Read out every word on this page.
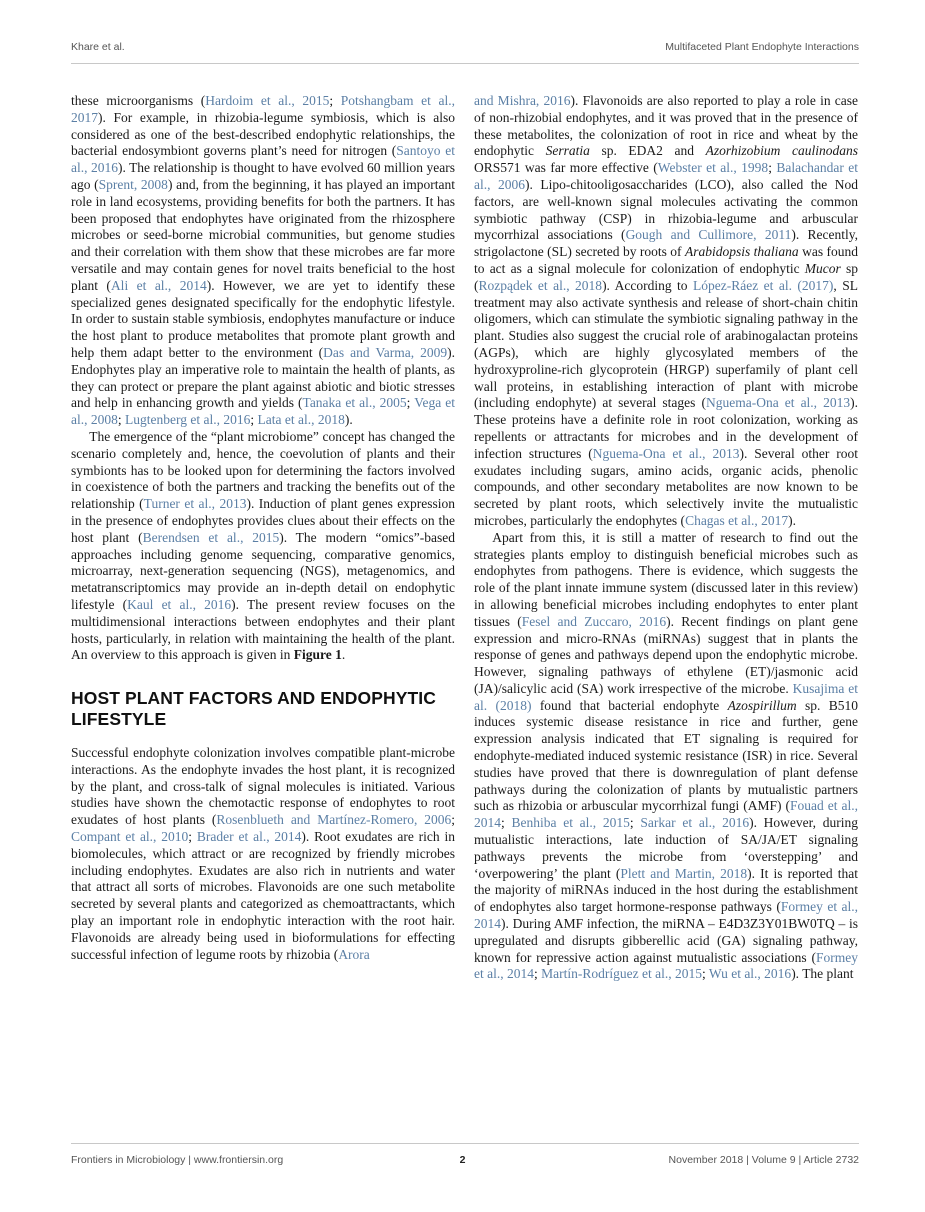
Khare et al.	Multifaceted Plant Endophyte Interactions

these microorganisms (Hardoim et al., 2015; Potshangbam et al., 2017). For example, in rhizobia-legume symbiosis, which is also considered as one of the best-described endophytic relationships, the bacterial endosymbiont governs plant’s need for nitrogen (Santoyo et al., 2016). The relationship is thought to have evolved 60 million years ago (Sprent, 2008) and, from the beginning, it has played an important role in land ecosystems, providing benefits for both the partners. It has been proposed that endophytes have originated from the rhizosphere microbes or seed-borne microbial communities, but genome studies and their correlation with them show that these microbes are far more versatile and may contain genes for novel traits beneficial to the host plant (Ali et al., 2014). However, we are yet to identify these specialized genes designated specifically for the endophytic lifestyle. In order to sustain stable symbiosis, endophytes manufacture or induce the host plant to produce metabolites that promote plant growth and help them adapt better to the environment (Das and Varma, 2009). Endophytes play an imperative role to maintain the health of plants, as they can protect or prepare the plant against abiotic and biotic stresses and help in enhancing growth and yields (Tanaka et al., 2005; Vega et al., 2008; Lugtenberg et al., 2016; Lata et al., 2018).

The emergence of the “plant microbiome” concept has changed the scenario completely and, hence, the coevolution of plants and their symbionts has to be looked upon for determining the factors involved in coexistence of both the partners and tracking the benefits out of the relationship (Turner et al., 2013). Induction of plant genes expression in the presence of endophytes provides clues about their effects on the host plant (Berendsen et al., 2015). The modern “omics”-based approaches including genome sequencing, comparative genomics, microarray, next-generation sequencing (NGS), metagenomics, and metatranscriptomics may provide an in-depth detail on endophytic lifestyle (Kaul et al., 2016). The present review focuses on the multidimensional interactions between endophytes and their plant hosts, particularly, in relation with maintaining the health of the plant. An overview to this approach is given in Figure 1.

HOST PLANT FACTORS AND ENDOPHYTIC LIFESTYLE

Successful endophyte colonization involves compatible plant-microbe interactions. As the endophyte invades the host plant, it is recognized by the plant, and cross-talk of signal molecules is initiated. Various studies have shown the chemotactic response of endophytes to root exudates of host plants (Rosenblueth and Martínez-Romero, 2006; Compant et al., 2010; Brader et al., 2014). Root exudates are rich in biomolecules, which attract or are recognized by friendly microbes including endophytes. Exudates are also rich in nutrients and water that attract all sorts of microbes. Flavonoids are one such metabolite secreted by several plants and categorized as chemoattractants, which play an important role in endophytic interaction with the root hair. Flavonoids are already being used in bioformulations for effecting successful infection of legume roots by rhizobia (Arora

and Mishra, 2016). Flavonoids are also reported to play a role in case of non-rhizobial endophytes, and it was proved that in the presence of these metabolites, the colonization of root in rice and wheat by the endophytic Serratia sp. EDA2 and Azorhizobium caulinodans ORS571 was far more effective (Webster et al., 1998; Balachandar et al., 2006). Lipo-chitooligosaccharides (LCO), also called the Nod factors, are well-known signal molecules activating the common symbiotic pathway (CSP) in rhizobia-legume and arbuscular mycorrhizal associations (Gough and Cullimore, 2011). Recently, strigolactone (SL) secreted by roots of Arabidopsis thaliana was found to act as a signal molecule for colonization of endophytic Mucor sp (Rozpądek et al., 2018). According to López-Ráez et al. (2017), SL treatment may also activate synthesis and release of short-chain chitin oligomers, which can stimulate the symbiotic signaling pathway in the plant. Studies also suggest the crucial role of arabinogalactan proteins (AGPs), which are highly glycosylated members of the hydroxyproline-rich glycoprotein (HRGP) superfamily of plant cell wall proteins, in establishing interaction of plant with microbe (including endophyte) at several stages (Nguema-Ona et al., 2013). These proteins have a definite role in root colonization, working as repellents or attractants for microbes and in the development of infection structures (Nguema-Ona et al., 2013). Several other root exudates including sugars, amino acids, organic acids, phenolic compounds, and other secondary metabolites are now known to be secreted by plant roots, which selectively invite the mutualistic microbes, particularly the endophytes (Chagas et al., 2017).

Apart from this, it is still a matter of research to find out the strategies plants employ to distinguish beneficial microbes such as endophytes from pathogens. There is evidence, which suggests the role of the plant innate immune system (discussed later in this review) in allowing beneficial microbes including endophytes to enter plant tissues (Fesel and Zuccaro, 2016). Recent findings on plant gene expression and micro-RNAs (miRNAs) suggest that in plants the response of genes and pathways depend upon the endophytic microbe. However, signaling pathways of ethylene (ET)/jasmonic acid (JA)/salicylic acid (SA) work irrespective of the microbe. Kusajima et al. (2018) found that bacterial endophyte Azospirillum sp. B510 induces systemic disease resistance in rice and further, gene expression analysis indicated that ET signaling is required for endophyte-mediated induced systemic resistance (ISR) in rice. Several studies have proved that there is downregulation of plant defense pathways during the colonization of plants by mutualistic partners such as rhizobia or arbuscular mycorrhizal fungi (AMF) (Fouad et al., 2014; Benhiba et al., 2015; Sarkar et al., 2016). However, during mutualistic interactions, late induction of SA/JA/ET signaling pathways prevents the microbe from ‘overstepping’ and ‘overpowering’ the plant (Plett and Martin, 2018). It is reported that the majority of miRNAs induced in the host during the establishment of endophytes also target hormone-response pathways (Formey et al., 2014). During AMF infection, the miRNA – E4D3Z3Y01BW0TQ – is upregulated and disrupts gibberellic acid (GA) signaling pathway, known for repressive action against mutualistic associations (Formey et al., 2014; Martín-Rodríguez et al., 2015; Wu et al., 2016). The plant

Frontiers in Microbiology | www.frontiersin.org	2	November 2018 | Volume 9 | Article 2732
